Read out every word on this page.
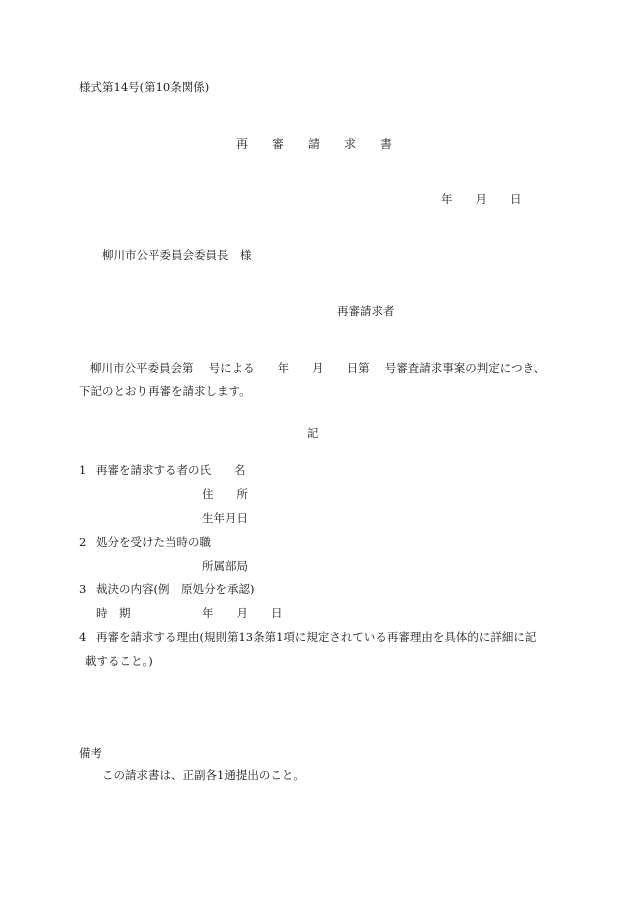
様式第14号(第10条関係)
再　　審　　請　　求　　書
年　　月　　日
柳川市公平委員会委員長　様
再審請求者
柳川市公平委員会第　 号による　　年　　月　　日第　 号審査請求事案の判定につき、
下記のとおり再審を請求します。
記
1 再審を請求する者の氏　　名
住　　所
生年月日
2 処分を受けた当時の職
所属部局
3 裁決の内容(例　原処分を承認)
時　期	年　　月　　日
4 再審を請求する理由(規則第13条第1項に規定されている再審理由を具体的に詳細に記
載すること。)
備考
この請求書は、正副各1通提出のこと。
